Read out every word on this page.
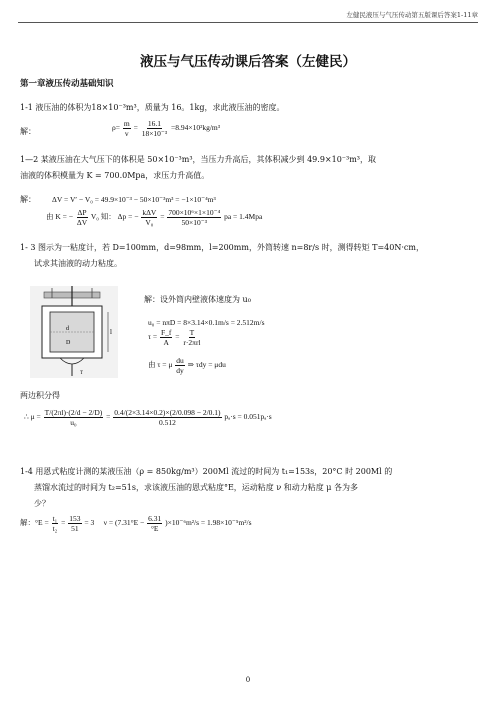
左健民液压与气压传动第五版课后答案1-11章
液压与气压传动课后答案（左健民）
第一章液压传动基础知识
1-1 液压油的体积为18×10⁻³m³，质量为 16。1kg，求此液压油的密度。
解：	$\rho= \frac{m}{v} = \frac{16.1}{\text{18×10⁻³}} =8.94\times 10^2kg/m^3$
1—2 某液压油在大气压下的体积是 50×10⁻³m³，当压力升高后，其体积减少到 49.9×10⁻³m³，取
油液的体积模量为 K = 700.0Mpa，求压力升高值。
解： ΔV = V′ − V₀ = 49.9×10⁻³ − 50×10⁻³m³ = −1×10⁻⁴m³
由 K = − $\frac{\Delta P}{\Delta V} V_0$ 知： Δp = − $\frac{\text{kΔV}}{\text{V₀}} = \frac{\text{700×10⁶×1×10⁻⁴}}{\text{50×10⁻³}}$ pa = 1.4Mpa
1- 3 图示为一粘度计，若 D=100mm，d=98mm，l=200mm，外筒转速 n=8r/s 时，测得转矩 T=40N·cm，
试求其油液的动力粘度。
l
d
D
T
解：设外筒内壁液体速度为 u₀
u₀ = nπD = 8×3.14×0.1m/s = 2.512m/s
$\tau = \frac{F\_f}{A} = \frac{T}{\text{r·2πrl}}$
由 τ = μ $\frac{du}{dy}$ ⇒ τdy = μdu
两边积分得
∴ $\mu = \frac{T/(2\pi l)\cdot(2/d - 2/D)}{\text{u₀}} = \frac{0.4/(2\times 3.14\times 0.2)\times(2/0.098 - 2/0.1)}{0.512} p_a\cdot s = 0.051p_a\cdot s$
1-4 用恩式粘度计测的某液压油（ρ = 850kg/m³）200Ml 流过的时间为 t₁=153s，20°C 时 200Ml 的
蒸馏水流过的时间为 t₂=51s，求该液压油的恩式粘度°E，运动粘度 ν 和动力粘度 μ 各为多
少？
解：$^\circ E = \frac{\text{t₁}}{\text{t₂}} = \frac{153}{51} = 3$ $\nu = (7.31^\circ E - \frac{6.31}{^\circ E} )\times 10^{-6}m^2/s = 1.98\times 10^{-5}m^2/s$
0
